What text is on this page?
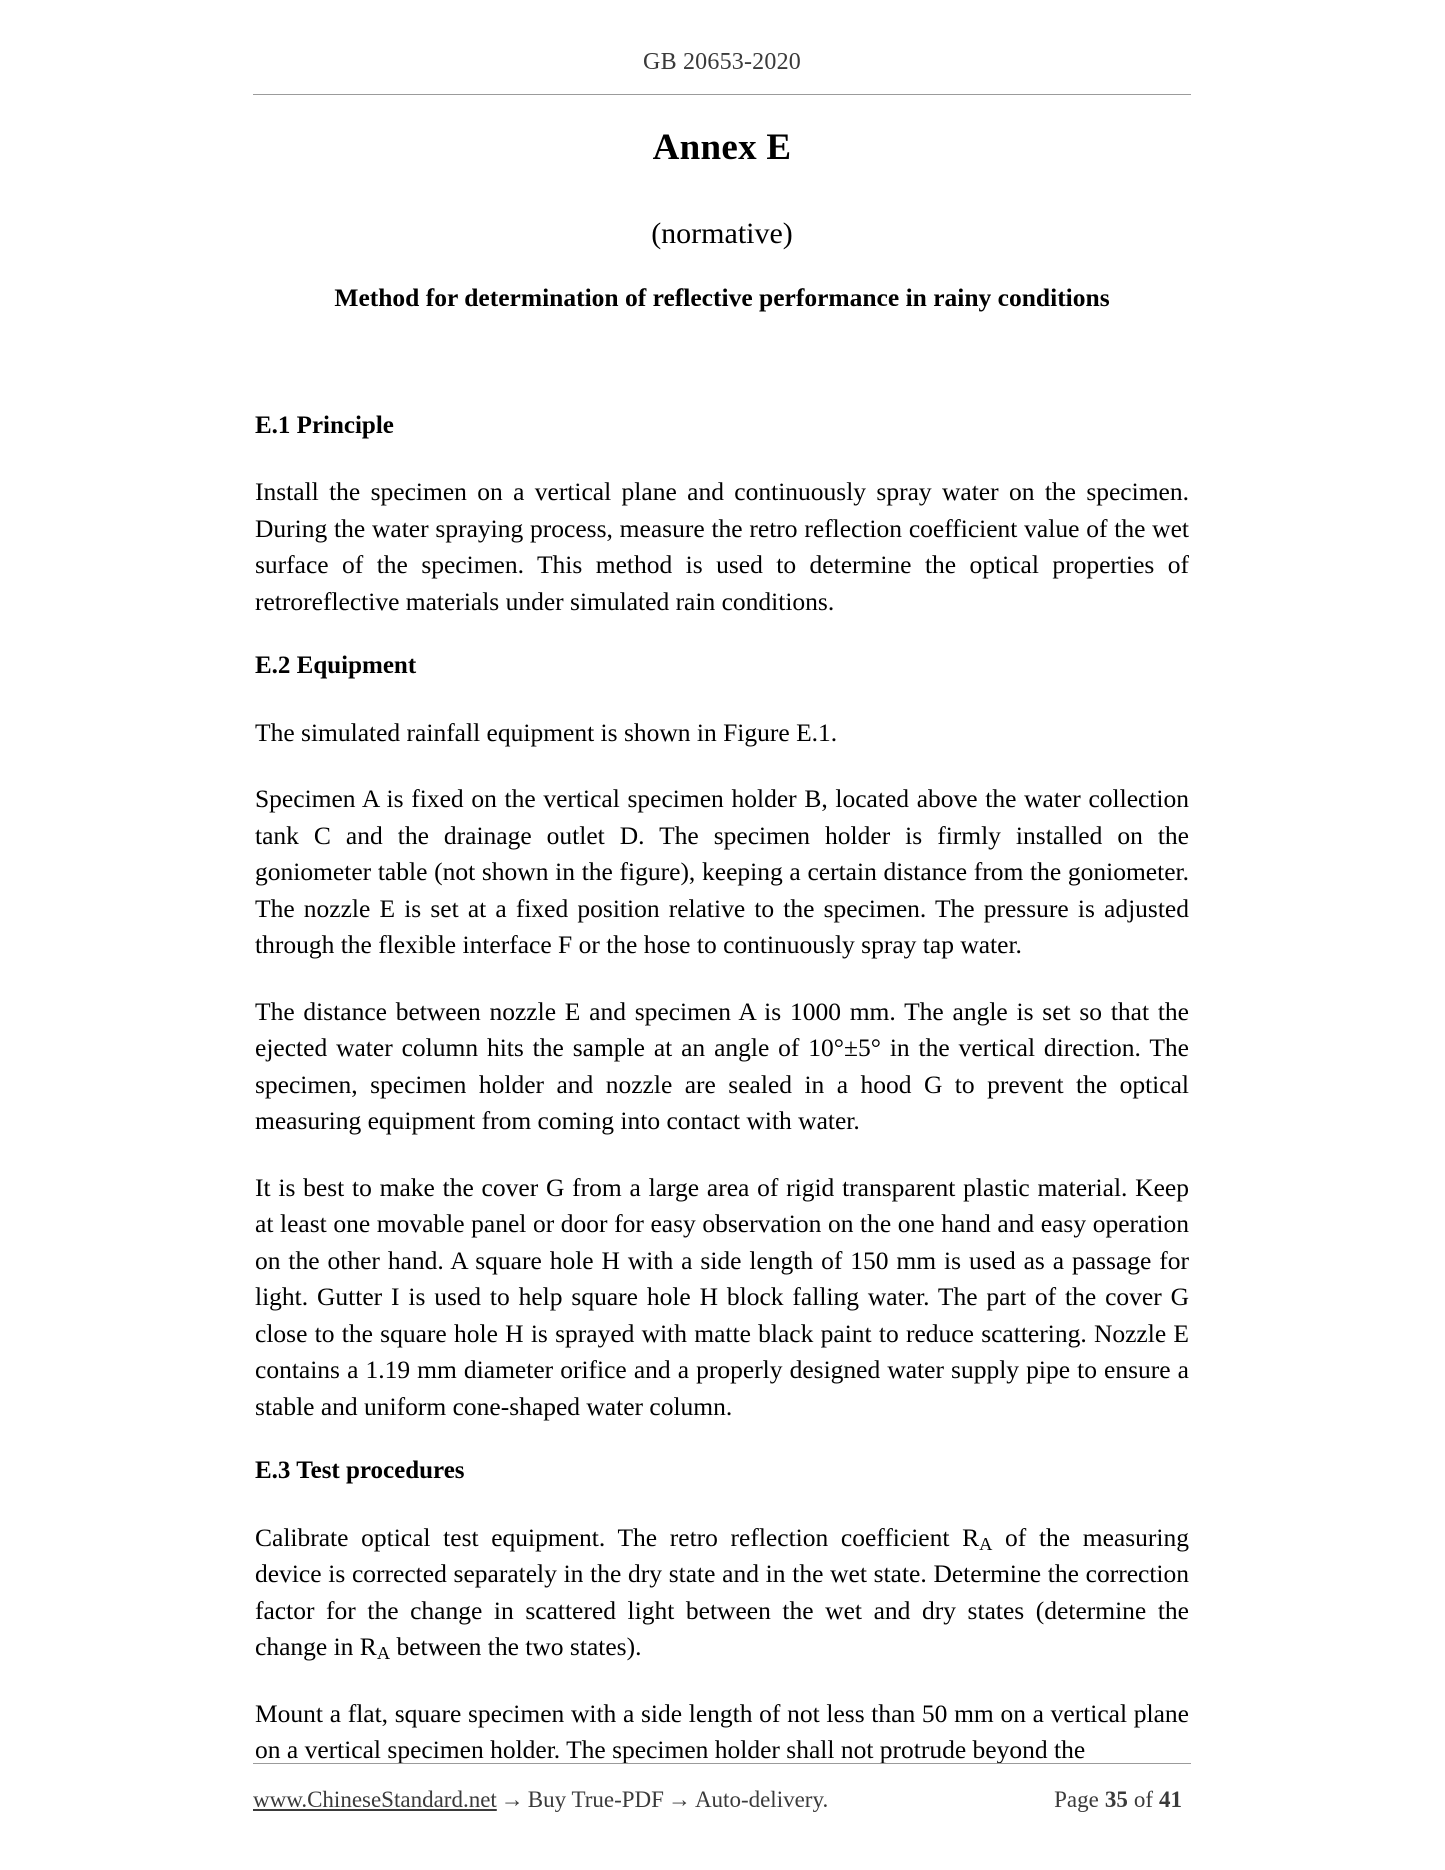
GB 20653-2020
Annex E
(normative)
Method for determination of reflective performance in rainy conditions
E.1 Principle

Install the specimen on a vertical plane and continuously spray water on the specimen. During the water spraying process, measure the retro reflection coefficient value of the wet surface of the specimen. This method is used to determine the optical properties of retroreflective materials under simulated rain conditions.

E.2 Equipment

The simulated rainfall equipment is shown in Figure E.1.

Specimen A is fixed on the vertical specimen holder B, located above the water collection tank C and the drainage outlet D. The specimen holder is firmly installed on the goniometer table (not shown in the figure), keeping a certain distance from the goniometer. The nozzle E is set at a fixed position relative to the specimen. The pressure is adjusted through the flexible interface F or the hose to continuously spray tap water.

The distance between nozzle E and specimen A is 1000 mm. The angle is set so that the ejected water column hits the sample at an angle of 10°±5° in the vertical direction. The specimen, specimen holder and nozzle are sealed in a hood G to prevent the optical measuring equipment from coming into contact with water.

It is best to make the cover G from a large area of rigid transparent plastic material. Keep at least one movable panel or door for easy observation on the one hand and easy operation on the other hand. A square hole H with a side length of 150 mm is used as a passage for light. Gutter I is used to help square hole H block falling water. The part of the cover G close to the square hole H is sprayed with matte black paint to reduce scattering. Nozzle E contains a 1.19 mm diameter orifice and a properly designed water supply pipe to ensure a stable and uniform cone-shaped water column.

E.3 Test procedures

Calibrate optical test equipment. The retro reflection coefficient $R_A$ of the measuring device is corrected separately in the dry state and in the wet state. Determine the correction factor for the change in scattered light between the wet and dry states (determine the change in $R_A$ between the two states).

Mount a flat, square specimen with a side length of not less than 50 mm on a vertical plane on a vertical specimen holder. The specimen holder shall not protrude beyond the

www.ChineseStandard.net → Buy True-PDF → Auto-delivery.	Page 35 of 41
